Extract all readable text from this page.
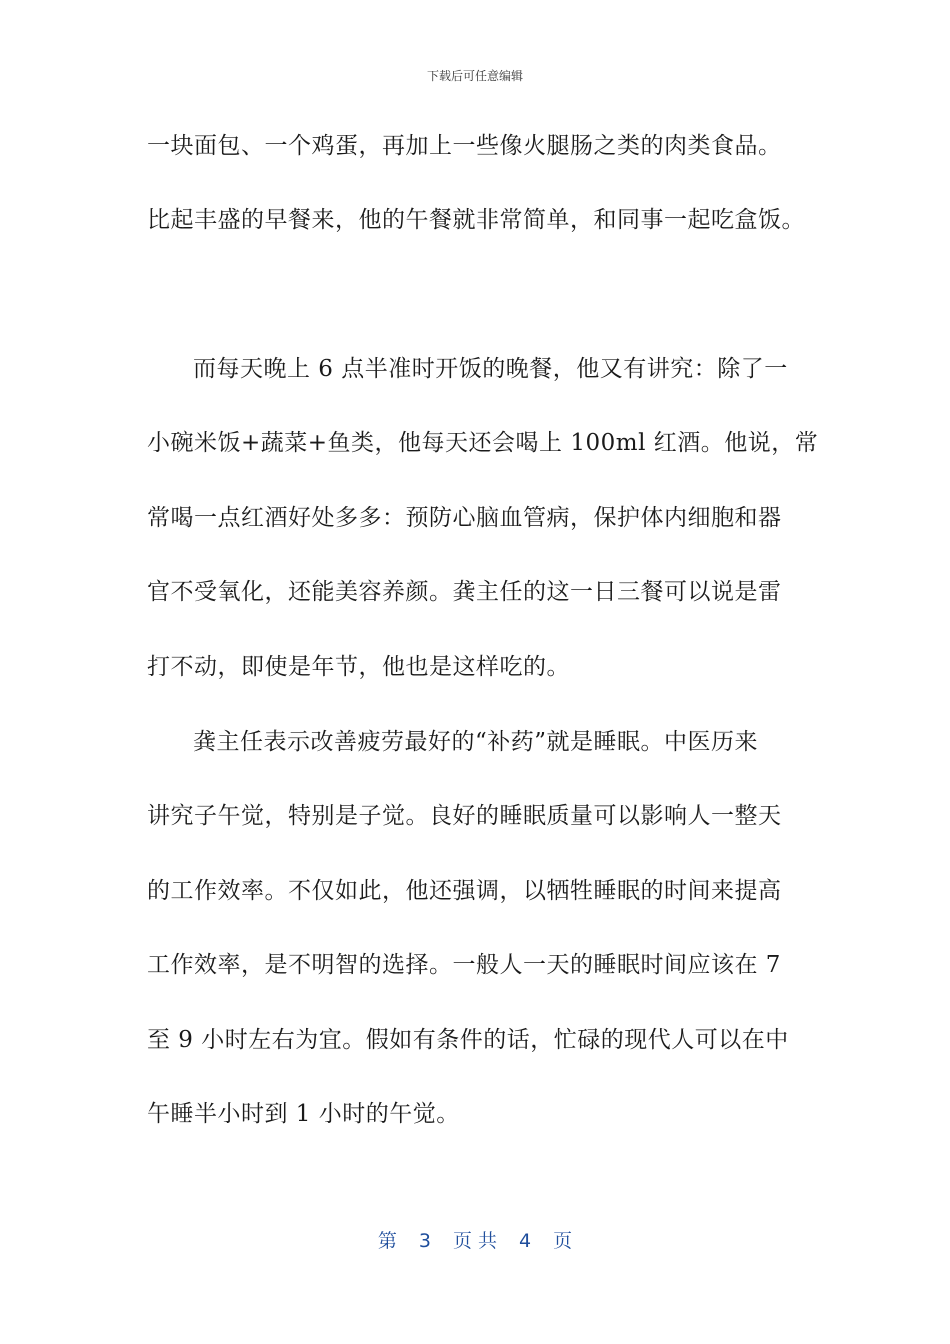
下载后可任意编辑
一块面包、一个鸡蛋，再加上一些像火腿肠之类的肉类食品。
比起丰盛的早餐来，他的午餐就非常简单，和同事一起吃盒饭。
而每天晚上 6 点半准时开饭的晚餐，他又有讲究：除了一
小碗米饭+蔬菜+鱼类，他每天还会喝上 100ml 红酒。他说，常
常喝一点红酒好处多多：预防心脑血管病，保护体内细胞和器
官不受氧化，还能美容养颜。龚主任的这一日三餐可以说是雷
打不动，即使是年节，他也是这样吃的。
龚主任表示改善疲劳最好的“补药”就是睡眠。中医历来
讲究子午觉，特别是子觉。良好的睡眠质量可以影响人一整天
的工作效率。不仅如此，他还强调，以牺牲睡眠的时间来提高
工作效率，是不明智的选择。一般人一天的睡眠时间应该在 7
至 9 小时左右为宜。假如有条件的话，忙碌的现代人可以在中
午睡半小时到 1 小时的午觉。
第 3 页 共 4 页
